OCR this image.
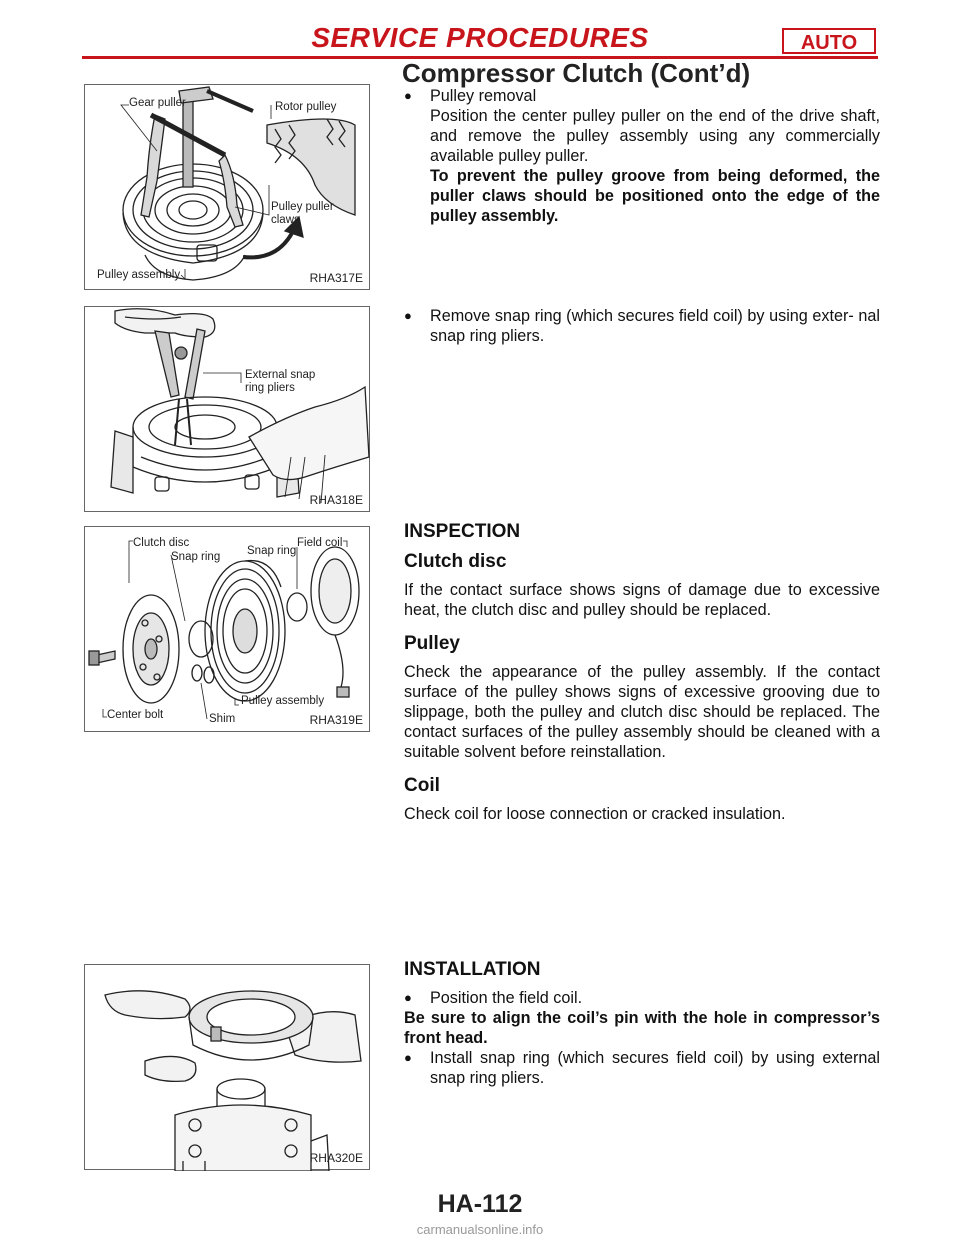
SERVICE PROCEDURES	AUTO
Compressor Clutch (Cont’d)
Gear puller	Rotor pulley
Pulley puller
claws
Pulley assembly	RHA317E
●	Pulley removal
Position the center pulley puller on the end of the drive shaft, and remove the pulley assembly using any commercially available pulley puller.
To prevent the pulley groove from being deformed, the puller claws should be positioned onto the edge of the pulley assembly.
External snap
ring pliers
RHA318E
●	Remove snap ring (which secures field coil) by using exter- nal snap ring pliers.
Clutch disc
Snap ring Snap ring
Field coil
Pulley assembly
Center bolt	Shim	RHA319E
INSPECTION
Clutch disc
If the contact surface shows signs of damage due to excessive heat, the clutch disc and pulley should be replaced.
Pulley
Check the appearance of the pulley assembly. If the contact surface of the pulley shows signs of excessive grooving due to slippage, both the pulley and clutch disc should be replaced. The contact surfaces of the pulley assembly should be cleaned with a suitable solvent before reinstallation.
Coil
Check coil for loose connection or cracked insulation.
RHA320E
INSTALLATION
●	Position the field coil.
Be sure to align the coil’s pin with the hole in compressor’s front head.
●	Install snap ring (which secures field coil) by using external snap ring pliers.
HA-112
carmanualsonline.info
